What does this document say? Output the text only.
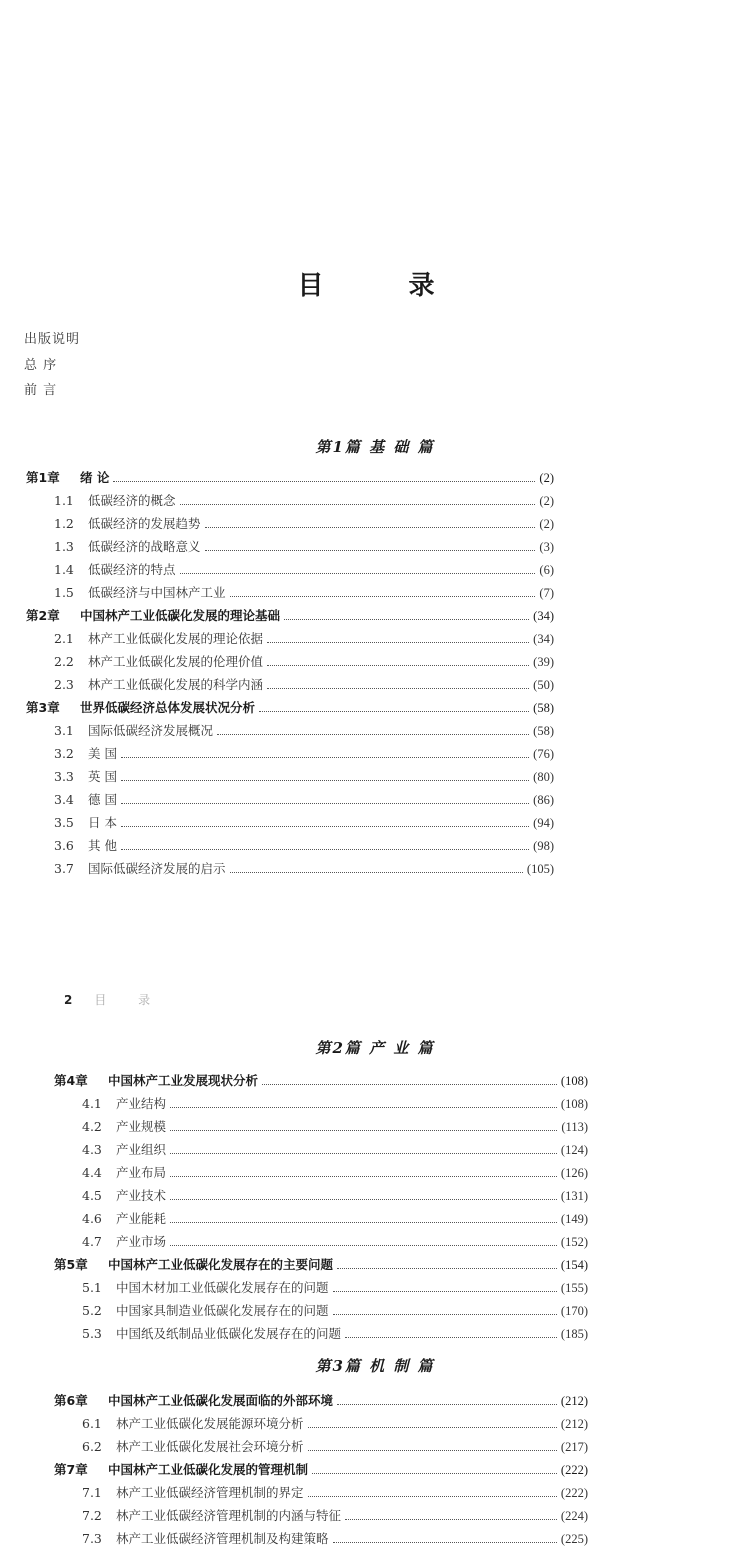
目 录
出版说明
总 序
前 言
第1篇 基 础 篇
第1章	绪 论	(2)
1.1	低碳经济的概念	(2)
1.2	低碳经济的发展趋势	(2)
1.3	低碳经济的战略意义	(3)
1.4	低碳经济的特点	(6)
1.5	低碳经济与中国林产工业	(7)
第2章	中国林产工业低碳化发展的理论基础	(34)
2.1	林产工业低碳化发展的理论依据	(34)
2.2	林产工业低碳化发展的伦理价值	(39)
2.3	林产工业低碳化发展的科学内涵	(50)
第3章	世界低碳经济总体发展状况分析	(58)
3.1	国际低碳经济发展概况	(58)
3.2	美 国	(76)
3.3	英 国	(80)
3.4	德 国	(86)
3.5	日 本	(94)
3.6	其 他	(98)
3.7	国际低碳经济发展的启示	(105)
2 目 录
第2篇 产 业 篇
第4章	中国林产工业发展现状分析	(108)
4.1	产业结构	(108)
4.2	产业规模	(113)
4.3	产业组织	(124)
4.4	产业布局	(126)
4.5	产业技术	(131)
4.6	产业能耗	(149)
4.7	产业市场	(152)
第5章	中国林产工业低碳化发展存在的主要问题	(154)
5.1	中国木材加工业低碳化发展存在的问题	(155)
5.2	中国家具制造业低碳化发展存在的问题	(170)
5.3	中国纸及纸制品业低碳化发展存在的问题	(185)
第3篇 机 制 篇
第6章	中国林产工业低碳化发展面临的外部环境	(212)
6.1	林产工业低碳化发展能源环境分析	(212)
6.2	林产工业低碳化发展社会环境分析	(217)
第7章	中国林产工业低碳化发展的管理机制	(222)
7.1	林产工业低碳经济管理机制的界定	(222)
7.2	林产工业低碳经济管理机制的内涵与特征	(224)
7.3	林产工业低碳经济管理机制及构建策略	(225)
